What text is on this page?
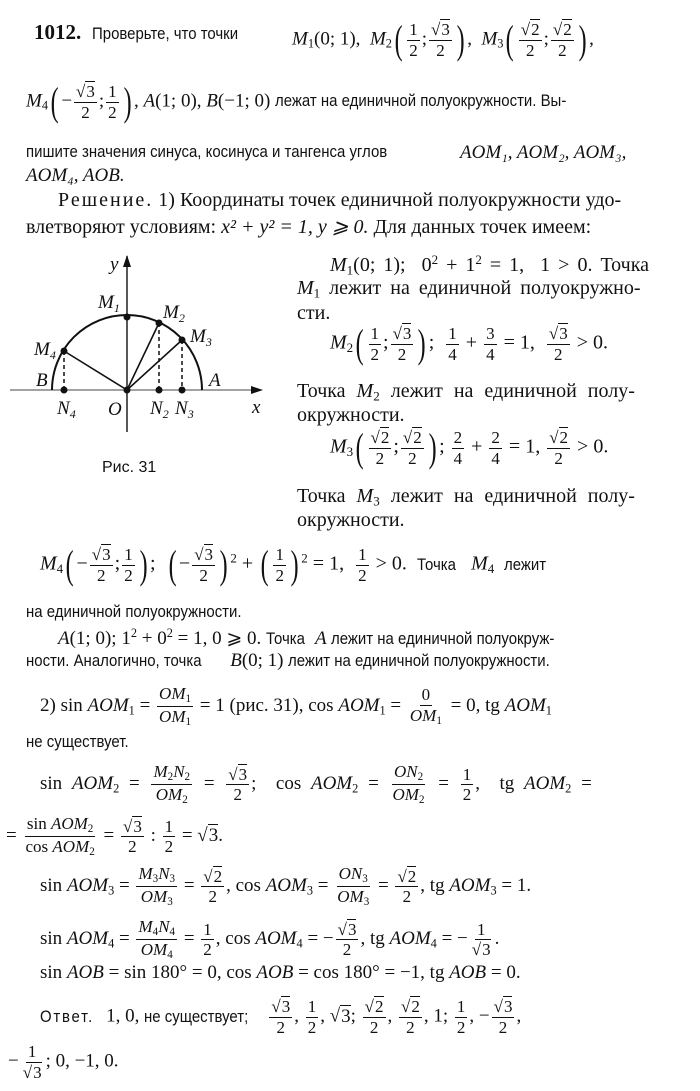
1012. Проверьте, что точки	$M_1(0$; 1),  $M_2( \frac{1}{2}$ ; $\frac{√3}{2}$ ) ,  $M_3( \frac{√2}{2}$ ; $\frac{√2}{2}$ ) ,
$M_4( - \frac{√3}{2}$ ; $\frac{1}{2}$ ) , A(1; 0), B(−1; 0) лежат на единичной полуокружности. Вы-
пишите значения синуса, косинуса и тангенса углов	AOM₁, AOM₂, AOM₃,
AOM₄, AOB.
Решение. 1) Координаты точек единичной полуокружности удо-
влетворяют условиям: x² + y² = 1, y ⩾ 0. Для данных точек имеем:
y
x
O
A
B
$M_1$ $M_2$
$M_3$
$M_4$
$N_2$ $N_3$
$N_4$
Рис. 31
$M_1(0$; 1);  $0^2 + 1^2 = 1$,  1 > 0. Точка
$M_1$ лежит на единичной полуокружно-
сти.
$M_2( \frac{1}{2}$ ; $\frac{√3}{2}$ ) ; $\frac{1}{4} + \frac{3}{4} = 1$, $\frac{√3}{2} > 0$.
Точка $M_2$ лежит на единичной полу-
окружности.
$M_3( \frac{√2}{2}$ ; $\frac{√2}{2}$ ) ; $\frac{2}{4} + \frac{2}{4} = 1$, $\frac{√2}{2} > 0$.
Точка $M_3$ лежит на единичной полу-
окружности.
$M_4( - \frac{√3}{2}$ ; $\frac{1}{2}$ ) ;  ( − $\frac{√3}{2}$ ) $^2$ + ( $\frac{1}{2}$ ) $^2$ = 1, $\frac{1}{2} > 0$.  Точка $M_4$ лежит
на единичной полуокружности.
A(1; 0); $1^2 + 0^2 = 1$, 0 ⩾ 0. Точка A лежит на единичной полуокруж-
ности. Аналогично, точка B(0; 1) лежит на единичной полуокружности.
2) $\sin AOM_1 = \frac{OM_1}{OM_1} = 1$ (рис. 31), $\cos AOM_1 = \frac{0}{OM_1} = 0$, tg $AOM_1$
не существует.
$\sin AOM_2 = \frac{M_2N_2}{OM_2} = \frac{√3}{2}$ ;  $\cos AOM_2 = \frac{ON_2}{OM_2} = \frac{1}{2}$ ,  tg $AOM_2$ =
= $\frac{\sin AOM_2}{\cos AOM_2} = \frac{√3}{2}$ : $\frac{1}{2} = √3$.
$\sin AOM_3 = \frac{M_3N_3}{OM_3} = \frac{√2}{2}$ , $\cos AOM_3 = \frac{ON_3}{OM_3} = \frac{√2}{2}$ , tg $AOM_3 = 1$.
$\sin AOM_4 = \frac{M_4N_4}{OM_4} = \frac{1}{2}$ , $\cos AOM_4$ = − $\frac{√3}{2}$ , tg $AOM_4$ = − $\frac{1}{√3}$ .
sin AOB = sin 180° = 0, cos AOB = cos 180° = −1, tg AOB = 0.
Ответ. 1, 0, не существует; $\frac{√3}{2}$ , $\frac{1}{2}$ , √3; $\frac{√2}{2}$ , $\frac{√2}{2}$ , 1; $\frac{1}{2}$ , − $\frac{√3}{2}$ ,
− $\frac{1}{√3}$ ; 0, −1, 0.
